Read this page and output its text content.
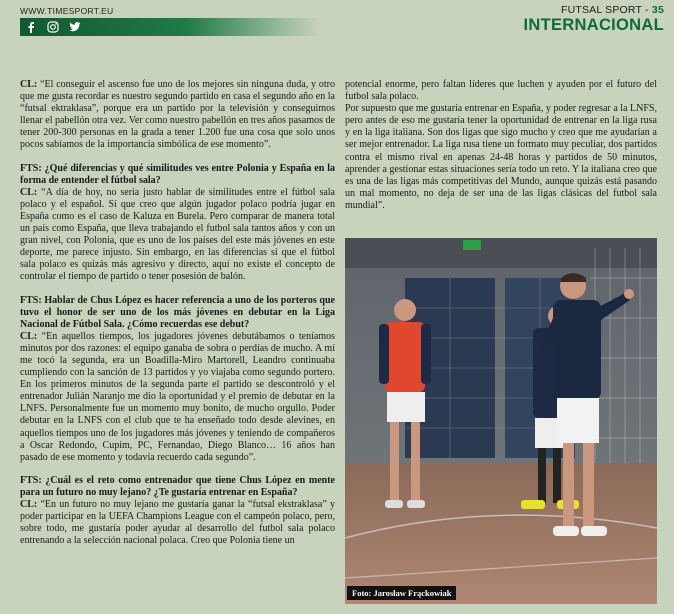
WWW.TIMESPORT.EU	FUTSAL SPORT - 35
INTERNACIONAL

CL: “El conseguir el ascenso fue uno de los mejores sin ninguna duda, y otro que me gusta recordar es nuestro segundo partido en casa el segundo año en la “futsal ektraklasa”, porque era un partido por la televisión y conseguimos llenar el pabellón otra vez. Ver como nuestro pabellón en tres años pasamos de tener 200-300 personas en la grada a tener 1.200 fue una cosa que solo unos pocos sabíamos de la importancia simbólica de ese momento”.

FTS: ¿Qué diferencias y qué similitudes ves entre Polonia y España en la forma de entender el fútbol sala?

CL: “A día de hoy, no sería justo hablar de similitudes entre el fútbol sala polaco y el español. Sí que creo que algún jugador polaco podría jugar en España como es el caso de Kaluza en Burela. Pero comparar de manera total un país como España, que lleva trabajando el futbol sala tantos años y con un gran nivel, con Polonia, que es uno de los países del este más jóvenes en este deporte, me parece injusto. Sin embargo, en las diferencias sí que el fútbol sala polaco es quizás más agresivo y directo, aquí no existe el concepto de controlar el tiempo de partido o tener posesión de balón.

FTS: Hablar de Chus López es hacer referencia a uno de los porteros que tuvo el honor de ser uno de los más jóvenes en debutar en la Liga Nacional de Fútbol Sala. ¿Cómo recuerdas ese debut?

CL: “En aquellos tiempos, los jugadores jóvenes debutábamos o teníamos minutos por dos razones: el equipo ganaba de sobra o perdías de mucho. A mí me tocó la segunda, era un Boadilla-Miro Martorell, Leandro continuaba cumpliendo con la sanción de 13 partidos y yo viajaba como segundo portero. En los primeros minutos de la segunda parte el partido se descontroló y el entrenador Julián Naranjo me dio la oportunidad y el premio de debutar en la LNFS. Personalmente fue un momento muy bonito, de mucho orgullo. Poder debutar en la LNFS con el club que te ha enseñado todo desde alevines, en aquellos tiempos uno de los jugadores más jóvenes y teniendo de compañeros a Oscar Redondo, Cupim, PC, Fernandao, Diego Blanco… 16 años han pasado de ese momento y todavía recuerdo cada segundo”.

FTS: ¿Cuál es el reto como entrenador que tiene Chus López en mente para un futuro no muy lejano? ¿Te gustaría entrenar en España?

CL: “En un futuro no muy lejano me gustaría ganar la “futsal ekstraklasa” y poder participar en la UEFA Champions League con el campeón polaco, pero, sobre todo, me gustaría poder ayudar al desarrollo del futbol sala polaco entrenando a la selección nacional polaca. Creo que Polonia tiene un

potencial enorme, pero faltan líderes que luchen y ayuden por el futuro del futbol sala polaco.

Por supuesto que me gustaría entrenar en España, y poder regresar a la LNFS, pero antes de eso me gustaría tener la oportunidad de entrenar en la liga rusa y en la liga italiana. Son dos ligas que sigo mucho y creo que me ayudarían a ser mejor entrenador. La liga rusa tiene un formato muy peculiar, dos partidos contra el mismo rival en apenas 24-48 horas y partidos de 50 minutos, aprender a gestionar estas situaciones sería todo un reto. Y la italiana creo que es una de las ligas más competitivas del Mundo, aunque quizás está pasando un mal momento, no deja de ser una de las ligas clásicas del futbol sala mundial”.

Foto: Jarosław Frąckowiak
